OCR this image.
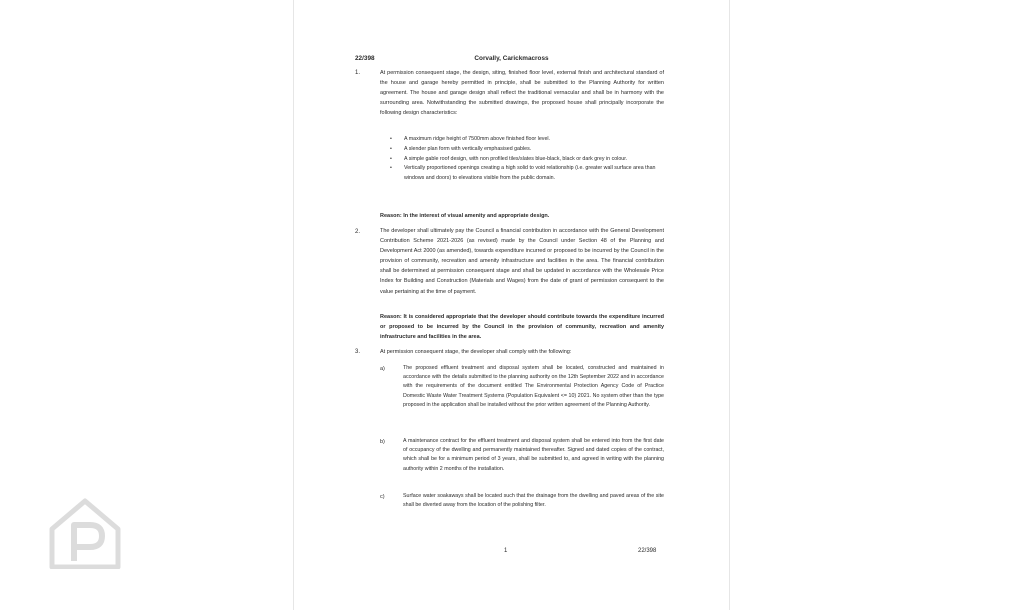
22/398	Corvally, Carickmacross
1.	At permission consequent stage, the design, siting, finished floor level, external finish and architectural standard of the house and garage hereby permitted in principle, shall be submitted to the Planning Authority for written agreement. The house and garage design shall reflect the traditional vernacular and shall be in harmony with the surrounding area. Notwithstanding the submitted drawings, the proposed house shall principally incorporate the following design characteristics:

• A maximum ridge height of 7500mm above finished floor level.
• A slender plan form with vertically emphasised gables.
• A simple gable roof design, with non profiled tiles/slates blue-black, black or dark grey in colour.
• Vertically proportioned openings creating a high solid to void relationship (i.e. greater wall surface area than windows and doors) to elevations visible from the public domain.

Reason: In the interest of visual amenity and appropriate design.

2.	The developer shall ultimately pay the Council a financial contribution in accordance with the General Development Contribution Scheme 2021-2026 (as revised) made by the Council under Section 48 of the Planning and Development Act 2000 (as amended), towards expenditure incurred or proposed to be incurred by the Council in the provision of community, recreation and amenity infrastructure and facilities in the area. The financial contribution shall be determined at permission consequent stage and shall be updated in accordance with the Wholesale Price Index for Building and Construction (Materials and Wages) from the date of grant of permission consequent to the value pertaining at the time of payment.

Reason: It is considered appropriate that the developer should contribute towards the expenditure incurred or proposed to be incurred by the Council in the provision of community, recreation and amenity infrastructure and facilities in the area.

3.	At permission consequent stage, the developer shall comply with the following:

a)	The proposed effluent treatment and disposal system shall be located, constructed and maintained in accordance with the details submitted to the planning authority on the 12th September 2022 and in accordance with the requirements of the document entitled The Environmental Protection Agency Code of Practice Domestic Waste Water Treatment Systems (Population Equivalent <= 10) 2021. No system other than the type proposed in the application shall be installed without the prior written agreement of the Planning Authority.

b)	A maintenance contract for the effluent treatment and disposal system shall be entered into from the first date of occupancy of the dwelling and permanently maintained thereafter. Signed and dated copies of the contract, which shall be for a minimum period of 3 years, shall be submitted to, and agreed in writing with the planning authority within 2 months of the installation.

c)	Surface water soakaways shall be located such that the drainage from the dwelling and paved areas of the site shall be diverted away from the location of the polishing filter.

1	22/398
